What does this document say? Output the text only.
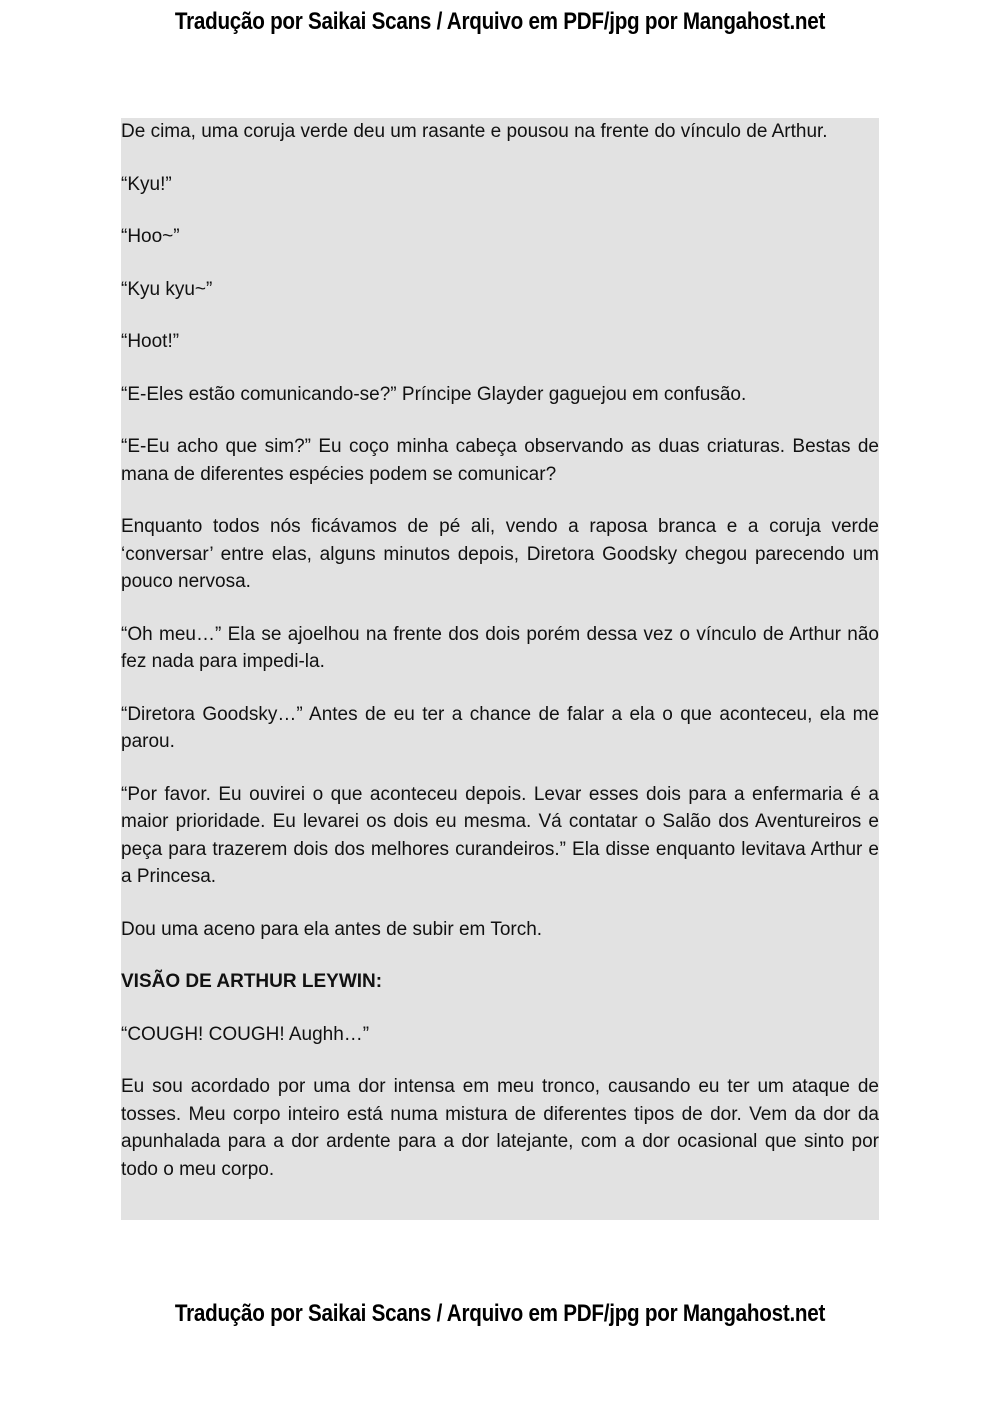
Tradução por Saikai Scans / Arquivo em PDF/jpg por Mangahost.net

De cima, uma coruja verde deu um rasante e pousou na frente do vínculo de Arthur.

“Kyu!”

“Hoo~”

“Kyu kyu~”

“Hoot!”

“E-Eles estão comunicando-se?” Príncipe Glayder gaguejou em confusão.

“E-Eu acho que sim?” Eu coço minha cabeça observando as duas criaturas. Bestas de mana de diferentes espécies podem se comunicar?

Enquanto todos nós ficávamos de pé ali, vendo a raposa branca e a coruja verde ‘conversar’ entre elas, alguns minutos depois, Diretora Goodsky chegou parecendo um pouco nervosa.

“Oh meu…” Ela se ajoelhou na frente dos dois porém dessa vez o vínculo de Arthur não fez nada para impedi-la.

“Diretora Goodsky…” Antes de eu ter a chance de falar a ela o que aconteceu, ela me parou.

“Por favor. Eu ouvirei o que aconteceu depois. Levar esses dois para a enfermaria é a maior prioridade. Eu levarei os dois eu mesma. Vá contatar o Salão dos Aventureiros e peça para trazerem dois dos melhores curandeiros.” Ela disse enquanto levitava Arthur e a Princesa.

Dou uma aceno para ela antes de subir em Torch.

VISÃO DE ARTHUR LEYWIN:

“COUGH! COUGH! Aughh…”

Eu sou acordado por uma dor intensa em meu tronco, causando eu ter um ataque de tosses. Meu corpo inteiro está numa mistura de diferentes tipos de dor. Vem da dor da apunhalada para a dor ardente para a dor latejante, com a dor ocasional que sinto por todo o meu corpo.

Tradução por Saikai Scans / Arquivo em PDF/jpg por Mangahost.net
